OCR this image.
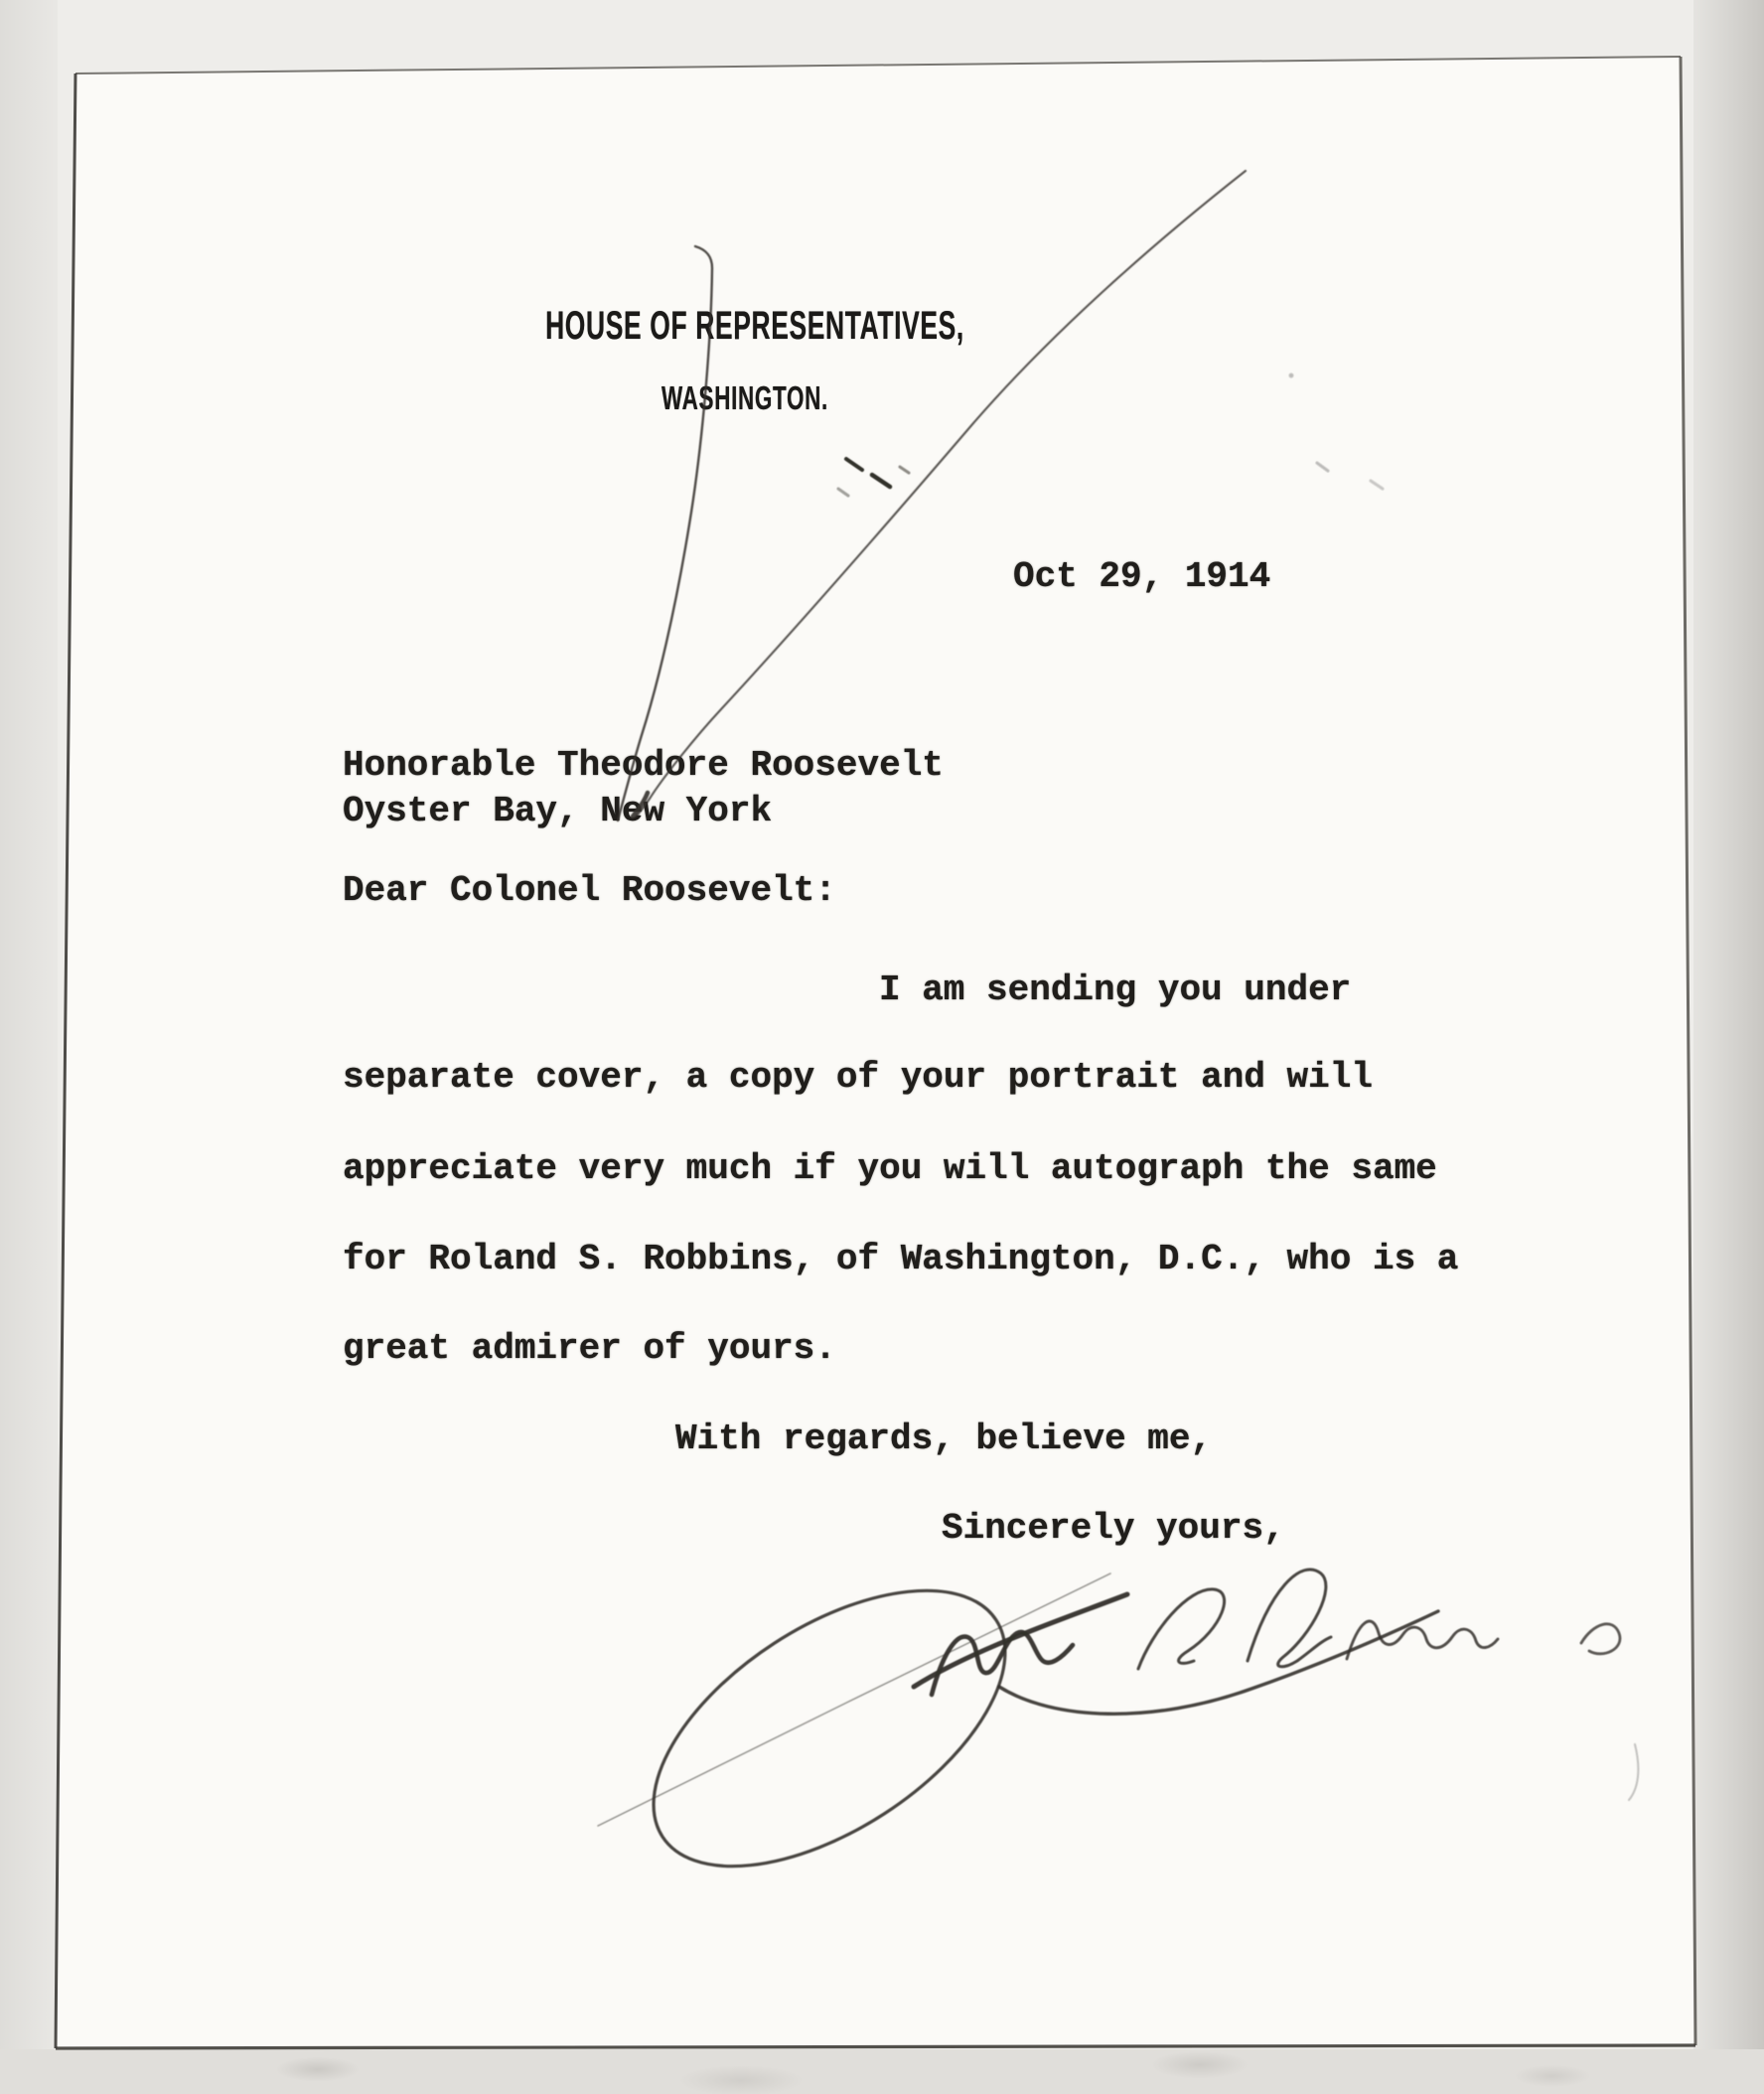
HOUSE OF REPRESENTATIVES,
WASHINGTON.
Oct 29, 1914
Honorable Theodore Roosevelt
Oyster Bay, New York
Dear Colonel Roosevelt:
I am sending you under
separate cover, a copy of your portrait and will
appreciate very much if you will autograph the same
for Roland S. Robbins, of Washington, D.C., who is a
great admirer of yours.
With regards, believe me,
Sincerely yours,
